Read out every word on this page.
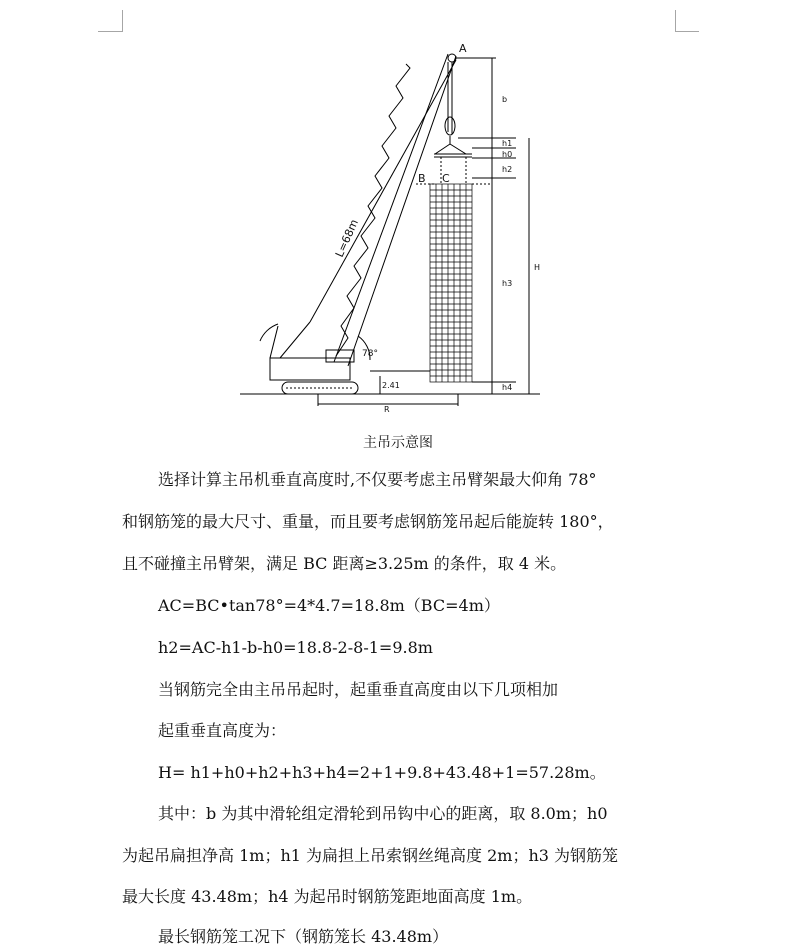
A
B C
L=68m
78°
b
h1
h0
h2
h3
h4
H
2.41
R
主吊示意图
选择计算主吊机垂直高度时,不仅要考虑主吊臂架最大仰角 78°
和钢筋笼的最大尺寸、重量，而且要考虑钢筋笼吊起后能旋转 180°，
且不碰撞主吊臂架，满足 BC 距离≥3.25m 的条件，取 4 米。
AC=BC•tan78°=4*4.7=18.8m（BC=4m）
h2=AC-h1-b-h0=18.8-2-8-1=9.8m
当钢筋完全由主吊吊起时，起重垂直高度由以下几项相加
起重垂直高度为：
H= h1+h0+h2+h3+h4=2+1+9.8+43.48+1=57.28m。
其中：b 为其中滑轮组定滑轮到吊钩中心的距离，取 8.0m；h0
为起吊扁担净高 1m；h1 为扁担上吊索钢丝绳高度 2m；h3 为钢筋笼
最大长度 43.48m；h4 为起吊时钢筋笼距地面高度 1m。
最长钢筋笼工况下（钢筋笼长 43.48m）
